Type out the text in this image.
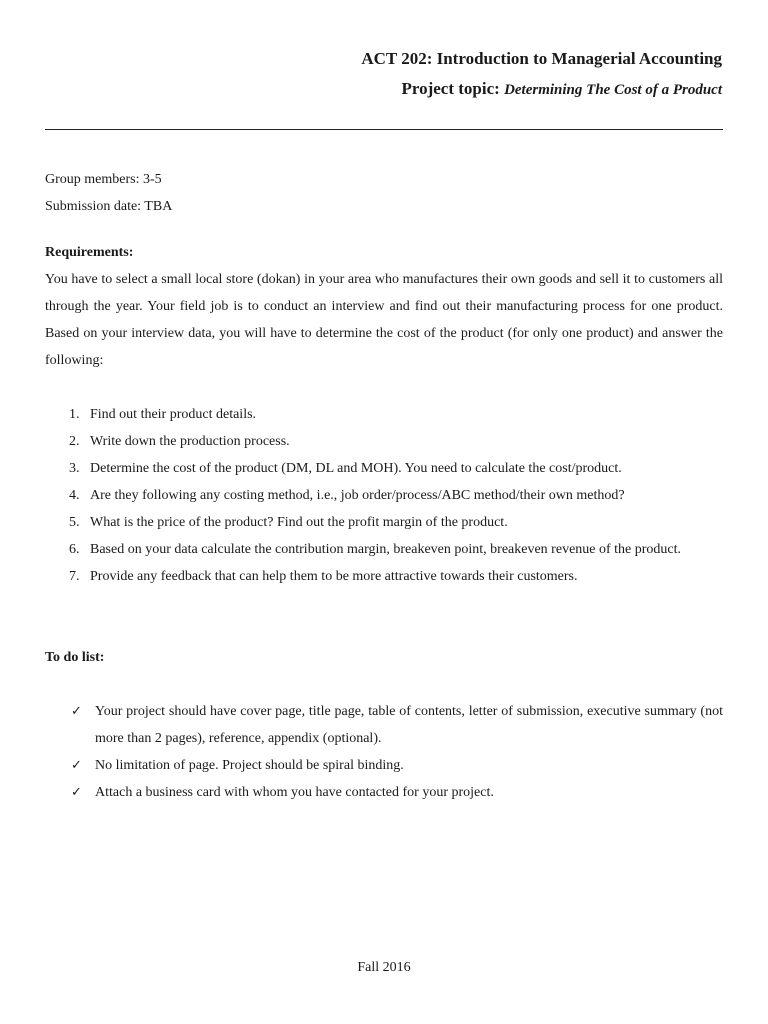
ACT 202: Introduction to Managerial Accounting

Project topic: Determining The Cost of a Product

Group members: 3-5

Submission date: TBA

Requirements:

You have to select a small local store (dokan) in your area who manufactures their own goods and sell it to customers all through the year. Your field job is to conduct an interview and find out their manufacturing process for one product. Based on your interview data, you will have to determine the cost of the product (for only one product) and answer the following:

1. Find out their product details.
2. Write down the production process.
3. Determine the cost of the product (DM, DL and MOH). You need to calculate the cost/product.
4. Are they following any costing method, i.e., job order/process/ABC method/their own method?
5. What is the price of the product? Find out the profit margin of the product.
6. Based on your data calculate the contribution margin, breakeven point, breakeven revenue of the product.
7. Provide any feedback that can help them to be more attractive towards their customers.

To do list:

✓ Your project should have cover page, title page, table of contents, letter of submission, executive summary (not more than 2 pages), reference, appendix (optional).
✓ No limitation of page. Project should be spiral binding.
✓ Attach a business card with whom you have contacted for your project.
Fall 2016
